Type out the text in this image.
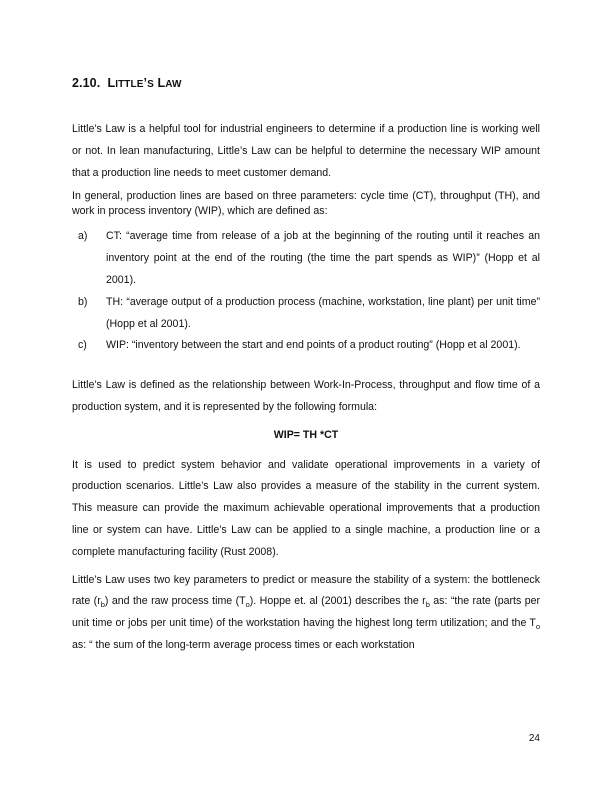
2.10. LITTLE’S LAW

Little’s Law is a helpful tool for industrial engineers to determine if a production line is working well or not. In lean manufacturing, Little’s Law can be helpful to determine the necessary WIP amount that a production line needs to meet customer demand.

In general, production lines are based on three parameters: cycle time (CT), throughput (TH), and work in process inventory (WIP), which are defined as:

a) CT: “average time from release of a job at the beginning of the routing until it reaches an inventory point at the end of the routing (the time the part spends as WIP)” (Hopp et al 2001).
b) TH: “average output of a production process (machine, workstation, line plant) per unit time” (Hopp et al 2001).
c) WIP: “inventory between the start and end points of a product routing” (Hopp et al 2001).

Little’s Law is defined as the relationship between Work-In-Process, throughput and flow time of a production system, and it is represented by the following formula:

WIP= TH *CT

It is used to predict system behavior and validate operational improvements in a variety of production scenarios. Little’s Law also provides a measure of the stability in the current system. This measure can provide the maximum achievable operational improvements that a production line or system can have. Little’s Law can be applied to a single machine, a production line or a complete manufacturing facility (Rust 2008).

Little’s Law uses two key parameters to predict or measure the stability of a system: the bottleneck rate $(r_b)$ and the raw process time $(T_o)$. Hoppe et. al (2001) describes the $r_b$ as: “the rate (parts per unit time or jobs per unit time) of the workstation having the highest long term utilization; and the $T_o$ as: “ the sum of the long-term average process times or each workstation

24
